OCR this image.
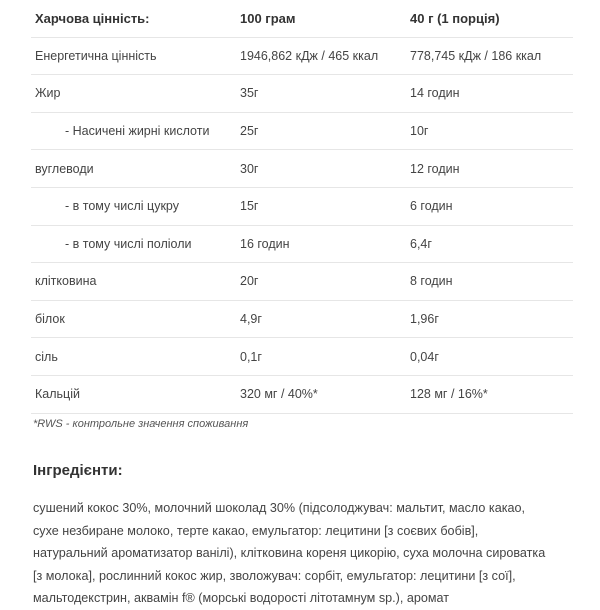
Харчова цінність:	100 грам	40 г (1 порція)
Енергетична цінність	1946,862 кДж / 465 ккал	778,745 кДж / 186 ккал
Жир	35г	14 годин
- Насичені жирні кислоти 25г	10г
вуглеводи	30г	12 годин
- в тому числі цукру	15г	6 годин
- в тому числі поліоли	16 годин	6,4г
клітковина	20г	8 годин
білок	4,9г	1,96г
сіль	0,1г	0,04г
Кальцій	320 мг / 40%*	128 мг / 16%*
*RWS - контрольне значення споживання
Інгредієнти:
сушений кокос 30%, молочний шоколад 30% (підсолоджувач: мальтит, масло какао,
сухе незбиране молоко, терте какао, емульгатор: лецитини [з соєвих бобів],
натуральний ароматизатор ванілі), клітковина кореня цикорію, суха молочна сироватка
[з молока], рослинний кокос жир, зволожувач: сорбіт, емульгатор: лецитини [з сої],
мальтодекстрин, аквамін f® (морські водорості літотамнум sp.), аромат
